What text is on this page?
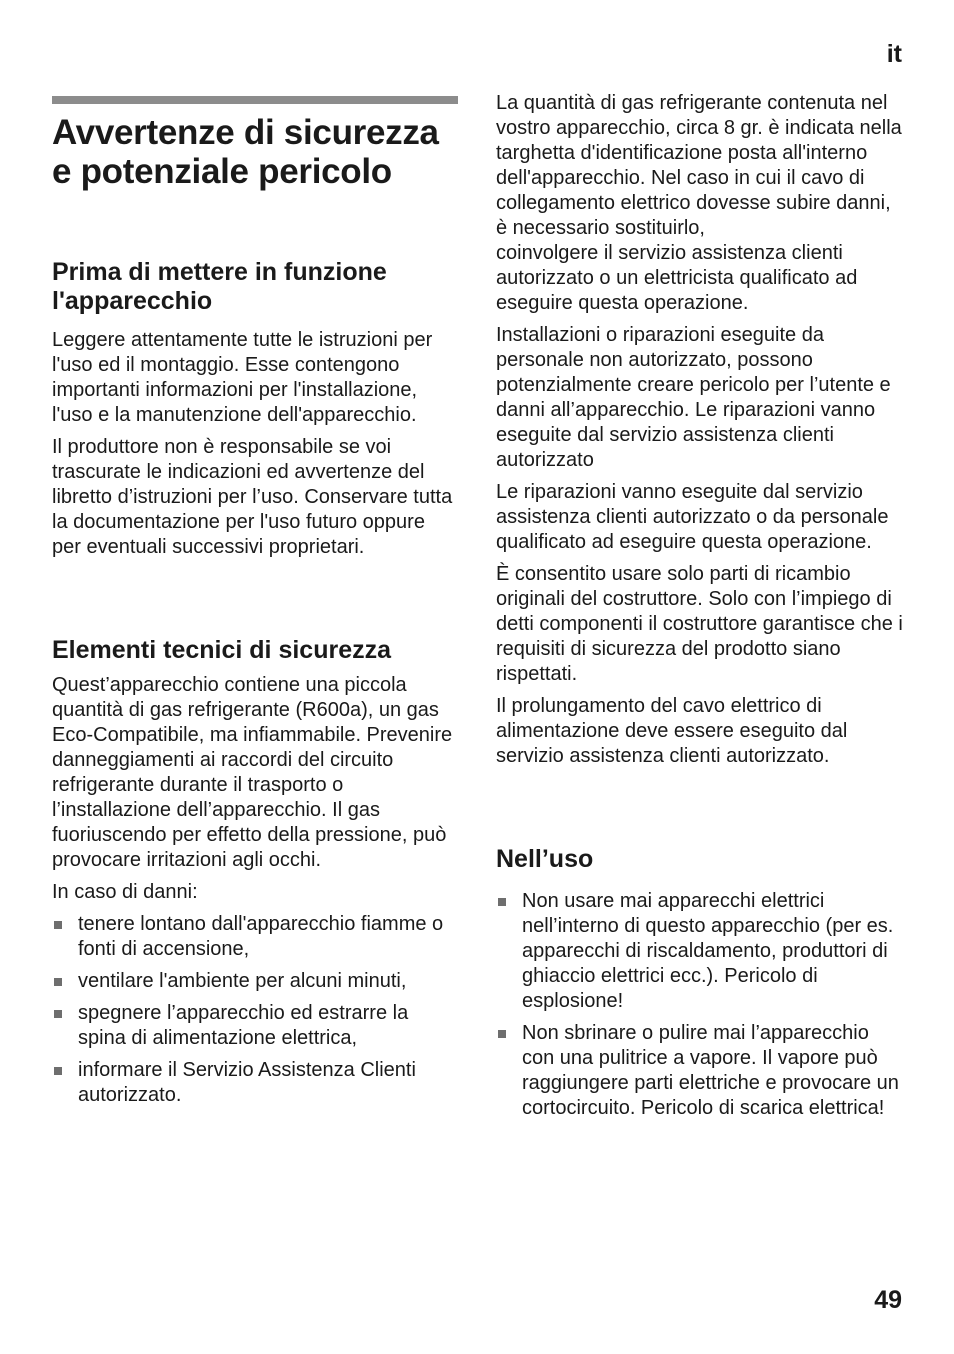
it
Avvertenze di sicurezza e potenziale pericolo
Prima di mettere in funzione l'apparecchio

Leggere attentamente tutte le istruzioni per l'uso ed il montaggio. Esse contengono importanti informazioni per l'installazione, l'uso e la manutenzione dell'apparecchio.

Il produttore non è responsabile se voi trascurate le indicazioni ed avvertenze del libretto d’istruzioni per l’uso. Conservare tutta la documentazione per l'uso futuro oppure per eventuali successivi proprietari.

Elementi tecnici di sicurezza

Quest’apparecchio contiene una piccola quantità di gas refrigerante (R600a), un gas Eco-Compatibile, ma infiammabile. Prevenire danneggiamenti ai raccordi del circuito refrigerante durante il trasporto o l’installazione dell’apparecchio. Il gas fuoriuscendo per effetto della pressione, può provocare irritazioni agli occhi.

In caso di danni:

tenere lontano dall'apparecchio fiamme o fonti di accensione,
ventilare l'ambiente per alcuni minuti,
spegnere l’apparecchio ed estrarre la spina di alimentazione elettrica,
informare il Servizio Assistenza Clienti autorizzato.

La quantità di gas refrigerante contenuta nel vostro apparecchio, circa 8 gr. è indicata nella targhetta d'identificazione posta all'interno dell'apparecchio. Nel caso in cui il cavo di collegamento elettrico dovesse subire danni, è necessario sostituirlo,

coinvolgere il servizio assistenza clienti autorizzato o un elettricista qualificato ad eseguire questa operazione.

Installazioni o riparazioni eseguite da personale non autorizzato, possono potenzialmente creare pericolo per l’utente e danni all’apparecchio. Le riparazioni vanno eseguite dal servizio assistenza clienti autorizzato

Le riparazioni vanno eseguite dal servizio assistenza clienti autorizzato o da personale qualificato ad eseguire questa operazione.

È consentito usare solo parti di ricambio originali del costruttore. Solo con l’impiego di detti componenti il costruttore garantisce che i requisiti di sicurezza del prodotto siano rispettati.

Il prolungamento del cavo elettrico di alimentazione deve essere eseguito dal servizio assistenza clienti autorizzato.

Nell’uso
Non usare mai apparecchi elettrici nell’interno di questo apparecchio (per es. apparecchi di riscaldamento, produttori di ghiaccio elettrici ecc.). Pericolo di esplosione!
Non sbrinare o pulire mai l’apparecchio con una pulitrice a vapore. Il vapore può raggiungere parti elettriche e provocare un cortocircuito. Pericolo di scarica elettrica!
49
